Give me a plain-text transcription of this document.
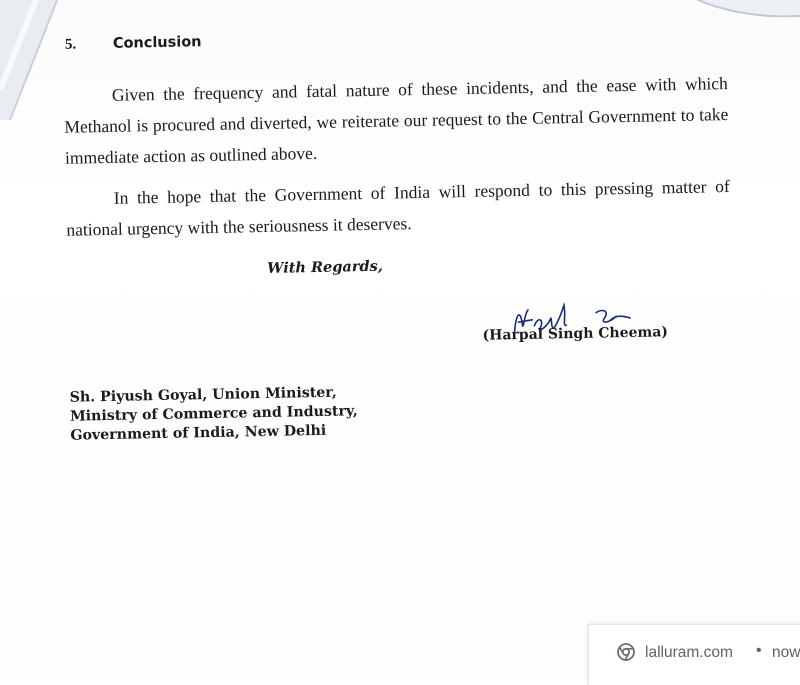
5.	Conclusion

Given the frequency and fatal nature of these incidents, and the ease with which Methanol is procured and diverted, we reiterate our request to the Central Government to take immediate action as outlined above.

In the hope that the Government of India will respond to this pressing matter of national urgency with the seriousness it deserves.

With Regards,
(Harpal Singh Cheema)
Sh. Piyush Goyal, Union Minister,
Ministry of Commerce and Industry,
Government of India, New Delhi
lalluram.com • now
